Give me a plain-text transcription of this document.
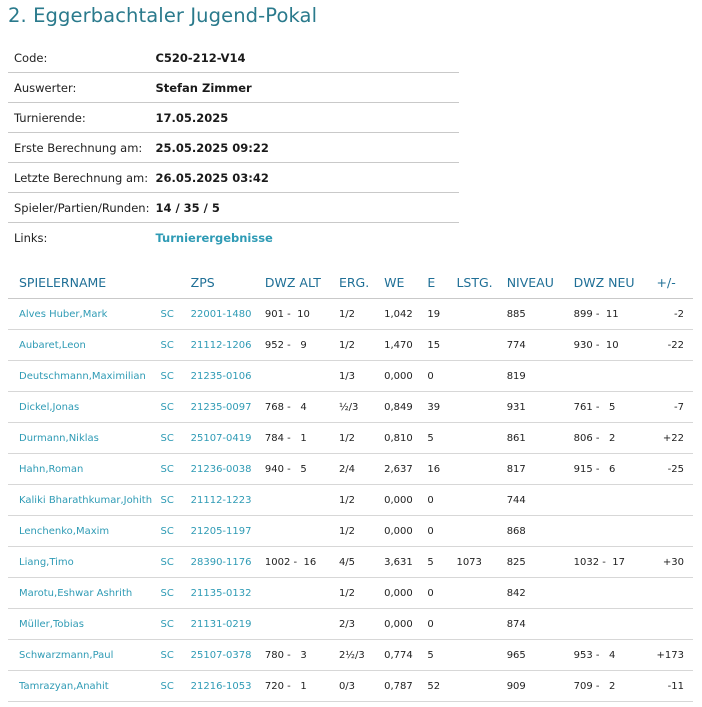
2. Eggerbachtaler Jugend-Pokal
Code:	C520-212-V14
Auswerter:	Stefan Zimmer
Turnierende:	17.05.2025
Erste Berechnung am:	25.05.2025 09:22
Letzte Berechnung am:	26.05.2025 03:42
Spieler/Partien/Runden:	14 / 35 / 5
Links:	Turnierergebnisse
SPIELERNAME		ZPS	DWZ ALT	ERG.	WE	E	LSTG.	NIVEAU	DWZ NEU	+/-
Alves Huber,Mark	SC	22001-1480	901 -  10	1/2	1,042	19		885	899 -  11	-2
Aubaret,Leon	SC	21112-1206	952 -   9	1/2	1,470	15		774	930 -  10	-22
Deutschmann,Maximilian	SC	21235-0106		1/3	0,000	0		819		
Dickel,Jonas	SC	21235-0097	768 -   4	½/3	0,849	39		931	761 -   5	-7
Durmann,Niklas	SC	25107-0419	784 -   1	1/2	0,810	5		861	806 -   2	+22
Hahn,Roman	SC	21236-0038	940 -   5	2/4	2,637	16		817	915 -   6	-25
Kaliki Bharathkumar,Johith	SC	21112-1223		1/2	0,000	0		744		
Lenchenko,Maxim	SC	21205-1197		1/2	0,000	0		868		
Liang,Timo	SC	28390-1176	1002 -  16	4/5	3,631	5	1073	825	1032 -  17	+30
Marotu,Eshwar Ashrith	SC	21135-0132		1/2	0,000	0		842		
Müller,Tobias	SC	21131-0219		2/3	0,000	0		874		
Schwarzmann,Paul	SC	25107-0378	780 -   3	2½/3	0,774	5		965	953 -   4	+173
Tamrazyan,Anahit	SC	21216-1053	720 -   1	0/3	0,787	52		909	709 -   2	-11
